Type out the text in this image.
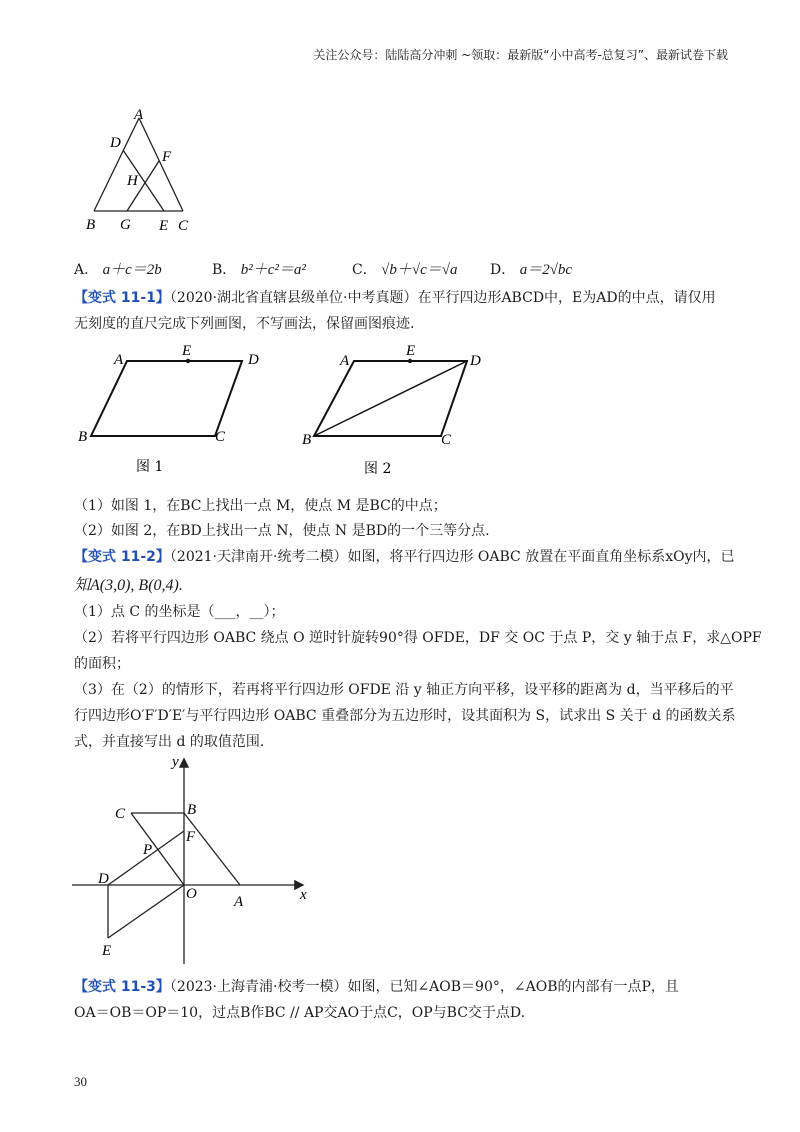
关注公众号：陆陆高分冲刺 ~领取：最新版“小中高考-总复习”、最新试卷下载
A
D
F
H
B G E C
A． a＋c＝2b	B． b²＋c²＝a²	C． √b＋√c＝√a D． a＝2√bc
【变式 11-1】（2020·湖北省直辖县级单位·中考真题）在平行四边形ABCD中，E为AD的中点，请仅用
无刻度的直尺完成下列画图，不写画法，保留画图痕迹.
A
E
D
B	C
A
E
D
B	C
图 1	图 2
（1）如图 1，在BC上找出一点 M，使点 M 是BC的中点；
（2）如图 2，在BD上找出一点 N，使点 N 是BD的一个三等分点.
【变式 11-2】（2021·天津南开·统考二模）如图，将平行四边形 OABC 放置在平面直角坐标系xOy内，已
知A(3,0), B(0,4).
（1）点 C 的坐标是（___，__）；
（2）若将平行四边形 OABC 绕点 O 逆时针旋转90°得 OFDE，DF 交 OC 于点 P，交 y 轴于点 F，求△OPF
的面积；
（3）在（2）的情形下，若再将平行四边形 OFDE 沿 y 轴正方向平移，设平移的距离为 d，当平移后的平
行四边形O′F′D′E′与平行四边形 OABC 重叠部分为五边形时，设其面积为 S，试求出 S 关于 d 的函数关系
式，并直接写出 d 的取值范围.
y
x
C	B
F
P
D
O A
E
【变式 11-3】（2023·上海青浦·校考一模）如图，已知∠AOB＝90°，∠AOB的内部有一点P，且
OA＝OB＝OP＝10，过点B作BC // AP交AO于点C，OP与BC交于点D.
30
